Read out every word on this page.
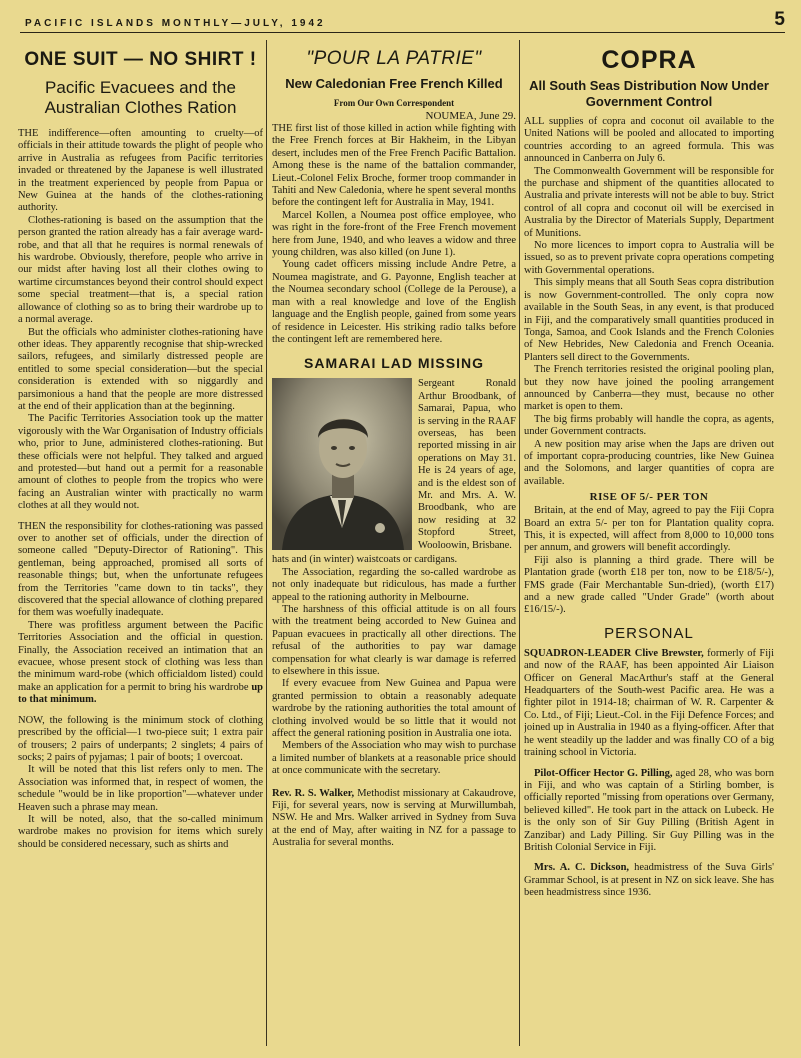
PACIFIC ISLANDS MONTHLY—JULY, 1942	5
ONE SUIT — NO SHIRT !
Pacific Evacuees and the Australian Clothes Ration

THE indifference—often amounting to cruelty—of officials in their attitude towards the plight of people who arrive in Australia as refugees from Pacific territories invaded or threatened by the Japanese is well illustrated in the treatment experienced by people from Papua or New Guinea at the hands of the clothes-rationing authority.

Clothes-rationing is based on the assumption that the person granted the ration already has a fair average ward-robe, and that all that he requires is normal renewals of his wardrobe. Obviously, therefore, people who arrive in our midst after having lost all their clothes owing to wartime circumstances beyond their control should expect some special treatment—that is, a special ration allowance of clothing so as to bring their wardrobe up to a normal average.

But the officials who administer clothes-rationing have other ideas. They apparently recognise that ship-wrecked sailors, refugees, and similarly distressed people are entitled to some special consideration—but the special consideration is extended with so niggardly and parsimonious a hand that the people are more distressed at the end of their application than at the beginning.

The Pacific Territories Association took up the matter vigorously with the War Organisation of Industry officials who, prior to June, administered clothes-rationing. But these officials were not helpful. They talked and argued and protested—but hand out a permit for a reasonable amount of clothes to people from the tropics who were facing an Australian winter with practically no warm clothes at all they would not.

THEN the responsibility for clothes-rationing was passed over to another set of officials, under the direction of someone called "Deputy-Director of Rationing". This gentleman, being approached, promised all sorts of reasonable things; but, when the unfortunate refugees from the Territories "came down to tin tacks", they discovered that the special allowance of clothing prepared for them was woefully inadequate.

There was profitless argument between the Pacific Territories Association and the official in question. Finally, the Association received an intimation that an evacuee, whose present stock of clothing was less than the minimum ward-robe (which officialdom listed) could make an application for a permit to bring his wardrobe up to that minimum.

NOW, the following is the minimum stock of clothing prescribed by the official—1 two-piece suit; 1 extra pair of trousers; 2 pairs of underpants; 2 singlets; 4 pairs of socks; 2 pairs of pyjamas; 1 pair of boots; 1 overcoat.

It will be noted that this list refers only to men. The Association was informed that, in respect of women, the schedule "would be in like proportion"—whatever under Heaven such a phrase may mean.

It will be noted, also, that the so-called minimum wardrobe makes no provision for items which surely should be considered necessary, such as shirts and

"POUR LA PATRIE"
New Caledonian Free French Killed
From Our Own Correspondent
NOUMEA, June 29.

THE first list of those killed in action while fighting with the Free French forces at Bir Hakheim, in the Libyan desert, includes men of the Free French Pacific Battalion. Among these is the name of the battalion commander, Lieut.-Colonel Felix Broche, former troop commander in Tahiti and New Caledonia, where he spent several months before the contingent left for Australia in May, 1941.

Marcel Kollen, a Noumea post office employee, who was right in the fore-front of the Free French movement here from June, 1940, and who leaves a widow and three young children, was also killed (on June 1).

Young cadet officers missing include Andre Petre, a Noumea magistrate, and G. Payonne, English teacher at the Noumea secondary school (College de la Perouse), a man with a real knowledge and love of the English language and the English people, gained from some years of residence in Leicester. His striking radio talks before the contingent left are remembered here.

SAMARAI LAD MISSING

Sergeant Ronald Arthur Broodbank, of Samarai, Papua, who is serving in the RAAF overseas, has been reported missing in air operations on May 31. He is 24 years of age, and is the eldest son of Mr. and Mrs. A. W. Broodbank, who are now residing at 32 Stopford Street, Wooloowin, Brisbane.

hats and (in winter) waistcoats or cardigans.

The Association, regarding the so-called wardrobe as not only inadequate but ridiculous, has made a further appeal to the rationing authority in Melbourne.

The harshness of this official attitude is on all fours with the treatment being accorded to New Guinea and Papuan evacuees in practically all other directions. The refusal of the authorities to pay war damage compensation for what clearly is war damage is referred to elsewhere in this issue.

If every evacuee from New Guinea and Papua were granted permission to obtain a reasonably adequate wardrobe by the rationing authorities the total amount of clothing involved would be so little that it would not affect the general rationing position in Australia one iota.

Members of the Association who may wish to purchase a limited number of blankets at a reasonable price should at once communicate with the secretary.

Rev. R. S. Walker, Methodist missionary at Cakaudrove, Fiji, for several years, now is serving at Murwillumbah, NSW. He and Mrs. Walker arrived in Sydney from Suva at the end of May, after waiting in NZ for a passage to Australia for several months.

COPRA
All South Seas Distribution Now Under Government Control

ALL supplies of copra and coconut oil available to the United Nations will be pooled and allocated to importing countries according to an agreed formula. This was announced in Canberra on July 6.

The Commonwealth Government will be responsible for the purchase and shipment of the quantities allocated to Australia and private interests will not be able to buy. Strict control of all copra and coconut oil will be exercised in Australia by the Director of Materials Supply, Department of Munitions.

No more licences to import copra to Australia will be issued, so as to prevent private copra operations competing with Governmental operations.

This simply means that all South Seas copra distribution is now Government-controlled. The only copra now available in the South Seas, in any event, is that produced in Fiji, and the comparatively small quantities produced in Tonga, Samoa, and Cook Islands and the French Colonies of New Hebrides, New Caledonia and French Oceania. Planters sell direct to the Governments.

The French territories resisted the original pooling plan, but they now have joined the pooling arrangement announced by Canberra—they must, because no other market is open to them.

The big firms probably will handle the copra, as agents, under Government contracts.

A new position may arise when the Japs are driven out of important copra-producing countries, like New Guinea and the Solomons, and larger quantities of copra are available.

RISE OF 5/- PER TON

Britain, at the end of May, agreed to pay the Fiji Copra Board an extra 5/- per ton for Plantation quality copra. This, it is expected, will affect from 8,000 to 10,000 tons per annum, and growers will benefit accordingly.

Fiji also is planning a third grade. There will be Plantation grade (worth £18 per ton, now to be £18/5/-), FMS grade (Fair Merchantable Sun-dried), (worth £17) and a new grade called "Under Grade" (worth about £16/15/-).

PERSONAL

SQUADRON-LEADER Clive Brewster, formerly of Fiji and now of the RAAF, has been appointed Air Liaison Officer on General MacArthur's staff at the General Headquarters of the South-west Pacific area. He was a fighter pilot in 1914-18; chairman of W. R. Carpenter & Co. Ltd., of Fiji; Lieut.-Col. in the Fiji Defence Forces; and joined up in Australia in 1940 as a flying-officer. After that he went steadily up the ladder and was finally CO of a big training school in Victoria.

Pilot-Officer Hector G. Pilling, aged 28, who was born in Fiji, and who was captain of a Stirling bomber, is officially reported "missing from operations over Germany, believed killed". He took part in the attack on Lubeck. He is the only son of Sir Guy Pilling (British Agent in Zanzibar) and Lady Pilling. Sir Guy Pilling was in the British Colonial Service in Fiji.

Mrs. A. C. Dickson, headmistress of the Suva Girls' Grammar School, is at present in NZ on sick leave. She has been headmistress since 1936.
